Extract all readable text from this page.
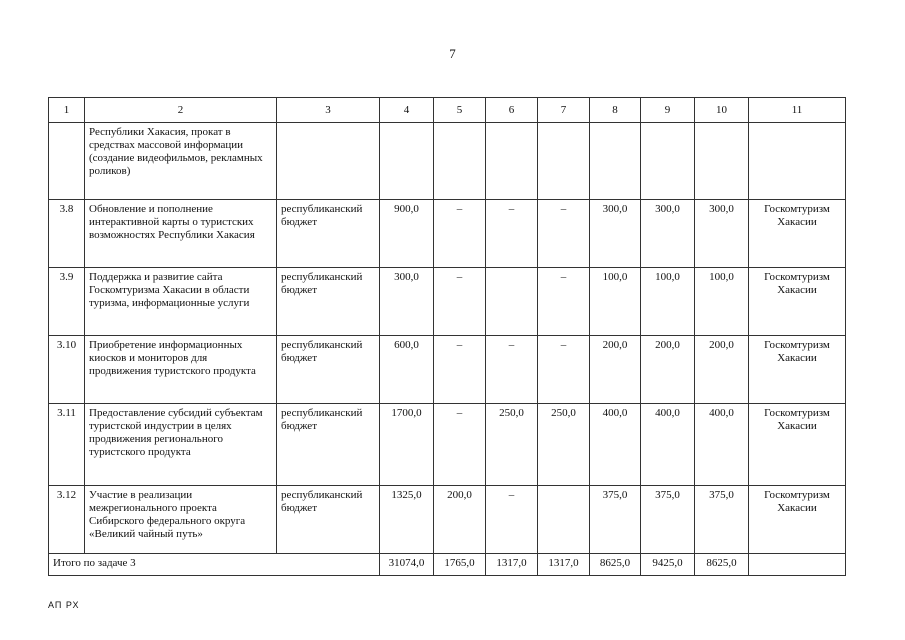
7
1	2	3	4	5	6	7	8	9	10	11
	Республики Хакасия, прокат в средствах массовой информации (создание видеофильмов, рекламных роликов)									
3.8	Обновление и пополнение интерактивной карты о туристских возможностях Республики Хакасия	республиканский бюджет	900,0	–	–	–	300,0	300,0	300,0	Госкомтуризм Хакасии
3.9	Поддержка и развитие сайта Госкомтуризма Хакасии в области туризма, информационные услуги	республиканский бюджет	300,0	–		–	100,0	100,0	100,0	Госкомтуризм Хакасии
3.10	Приобретение информационных киосков и мониторов для продвижения туристского продукта	республиканский бюджет	600,0	–	–	–	200,0	200,0	200,0	Госкомтуризм Хакасии
3.11	Предоставление субсидий субъектам туристской индустрии в целях продвижения регионального туристского продукта	республиканский бюджет	1700,0	–	250,0	250,0	400,0	400,0	400,0	Госкомтуризм Хакасии
3.12	Участие в реализации межрегионального проекта Сибирского федерального округа «Великий чайный путь»	республиканский бюджет	1325,0	200,0	–		375,0	375,0	375,0	Госкомтуризм Хакасии
Итого по задаче 3			31074,0	1765,0	1317,0	1317,0	8625,0	9425,0	8625,0	
АП РХ
